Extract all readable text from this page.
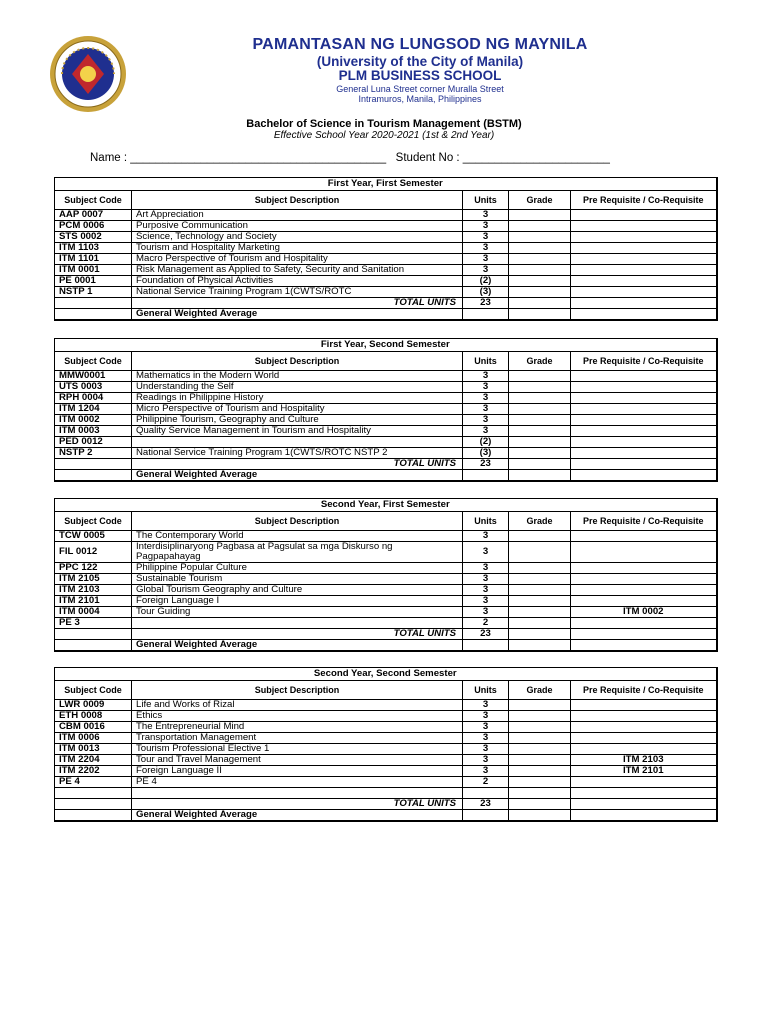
PAMANTASAN NG LUNGSOD NG MAYNILA
(University of the City of Manila)
PLM BUSINESS SCHOOL
General Luna Street corner Muralla Street
Intramuros, Manila, Philippines
Bachelor of Science in Tourism Management (BSTM)
Effective School Year 2020-2021 (1st & 2nd Year)
Name : ________________________________________   Student No : _______________________
First Year, First Semester				
Subject Code	Subject Description	Units	Grade	Pre Requisite / Co-Requisite
AAP 0007	Art Appreciation	3		
PCM 0006	Purposive Communication	3		
STS 0002	Science, Technology and Society	3		
ITM 1103	Tourism and Hospitality Marketing	3		
ITM 1101	Macro Perspective of Tourism and Hospitality	3		
ITM 0001	Risk Management as Applied to Safety, Security and Sanitation	3		
PE 0001	Foundation of Physical Activities	(2)		
NSTP 1	National Service Training Program 1(CWTS/ROTC	(3)		
	TOTAL UNITS	23		
	General Weighted Average			
First Year, Second Semester				
Subject Code	Subject Description	Units	Grade	Pre Requisite / Co-Requisite
MMW0001	Mathematics in the Modern World	3		
UTS 0003	Understanding the Self	3		
RPH 0004	Readings in Philippine History	3		
ITM 1204	Micro Perspective of Tourism and Hospitality	3		
ITM 0002	Philippine Tourism, Geography and Culture	3		
ITM 0003	Quality Service Management in Tourism and Hospitality	3		
PED 0012		(2)		
NSTP 2	National Service Training Program 1(CWTS/ROTC NSTP 2	(3)		
	TOTAL UNITS	23		
	General Weighted Average			
Second Year, First Semester				
Subject Code	Subject Description	Units	Grade	Pre Requisite / Co-Requisite
TCW 0005	The Contemporary World	3		
FIL 0012	Interdisiplinaryong Pagbasa at Pagsulat sa mga Diskurso ng Pagpapahayag	3		
PPC 122	Philippine Popular Culture	3		
ITM 2105	Sustainable Tourism	3		
ITM 2103	Global Tourism Geography and Culture	3		
ITM 2101	Foreign Language I	3		
ITM 0004	Tour Guiding	3		ITM 0002
PE 3		2		
	TOTAL UNITS	23		
	General Weighted Average			
Second Year, Second Semester				
Subject Code	Subject Description	Units	Grade	Pre Requisite / Co-Requisite
LWR 0009	Life and Works of Rizal	3		
ETH 0008	Ethics	3		
CBM 0016	The Entrepreneurial Mind	3		
ITM 0006	Transportation Management	3		
ITM 0013	Tourism Professional Elective 1	3		
ITM 2204	Tour and Travel Management	3		ITM 2103
ITM 2202	Foreign Language II	3		ITM 2101
PE 4	PE 4	2		

	TOTAL UNITS	23		
	General Weighted Average			
